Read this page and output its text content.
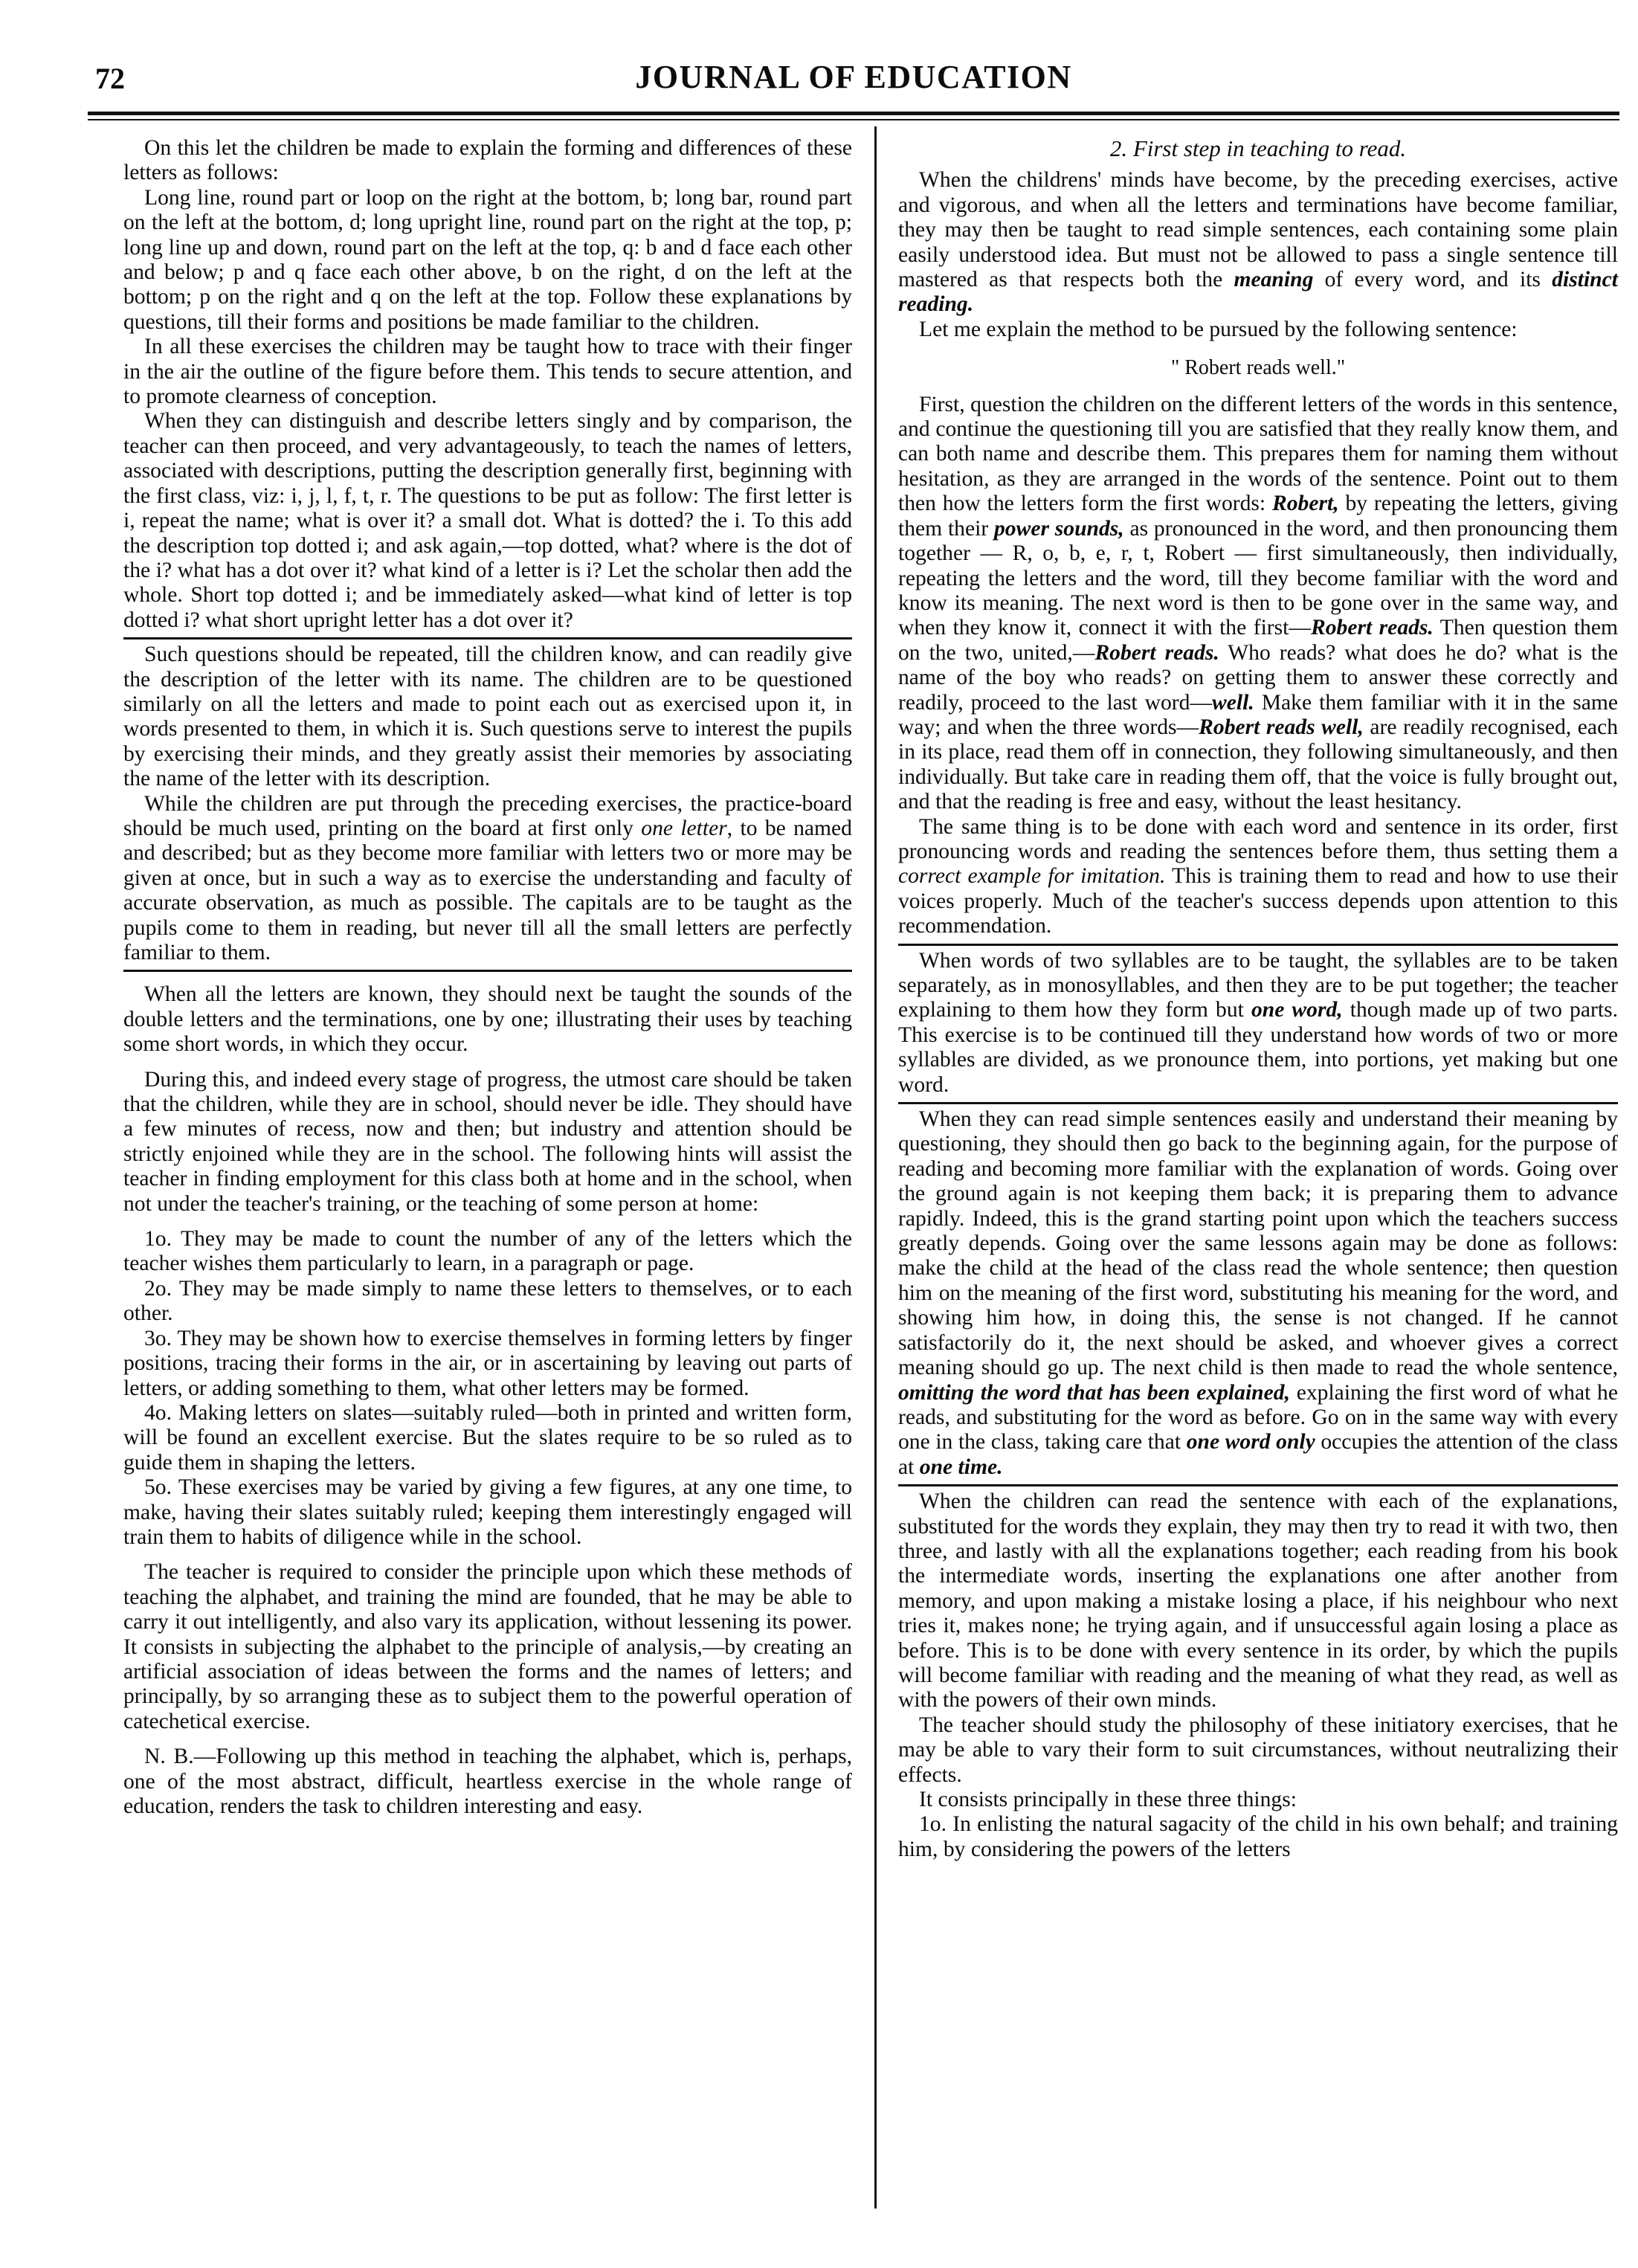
72	JOURNAL OF EDUCATION

On this let the children be made to explain the forming and differences of these letters as follows:

Long line, round part or loop on the right at the bottom, b; long bar, round part on the left at the bottom, d; long upright line, round part on the right at the top, p; long line up and down, round part on the left at the top, q: b and d face each other and below; p and q face each other above, b on the right, d on the left at the bottom; p on the right and q on the left at the top. Follow these explanations by questions, till their forms and positions be made familiar to the children.

In all these exercises the children may be taught how to trace with their finger in the air the outline of the figure before them. This tends to secure attention, and to promote clearness of conception.

When they can distinguish and describe letters singly and by comparison, the teacher can then proceed, and very advantageously, to teach the names of letters, associated with descriptions, putting the description generally first, beginning with the first class, viz: i, j, l, f, t, r. The questions to be put as follow: The first letter is i, repeat the name; what is over it? a small dot. What is dotted? the i. To this add the description top dotted i; and ask again,—top dotted, what? where is the dot of the i? what has a dot over it? what kind of a letter is i? Let the scholar then add the whole. Short top dotted i; and be immediately asked—what kind of letter is top dotted i? what short upright letter has a dot over it?

Such questions should be repeated, till the children know, and can readily give the description of the letter with its name. The children are to be questioned similarly on all the letters and made to point each out as exercised upon it, in words presented to them, in which it is. Such questions serve to interest the pupils by exercising their minds, and they greatly assist their memories by associating the name of the letter with its description.

While the children are put through the preceding exercises, the practice-board should be much used, printing on the board at first only one letter, to be named and described; but as they become more familiar with letters two or more may be given at once, but in such a way as to exercise the understanding and faculty of accurate observation, as much as possible. The capitals are to be taught as the pupils come to them in reading, but never till all the small letters are perfectly familiar to them.

When all the letters are known, they should next be taught the sounds of the double letters and the terminations, one by one; illustrating their uses by teaching some short words, in which they occur.

During this, and indeed every stage of progress, the utmost care should be taken that the children, while they are in school, should never be idle. They should have a few minutes of recess, now and then; but industry and attention should be strictly enjoined while they are in the school. The following hints will assist the teacher in finding employment for this class both at home and in the school, when not under the teacher's training, or the teaching of some person at home:

1o. They may be made to count the number of any of the letters which the teacher wishes them particularly to learn, in a paragraph or page.

2o. They may be made simply to name these letters to themselves, or to each other.

3o. They may be shown how to exercise themselves in forming letters by finger positions, tracing their forms in the air, or in ascertaining by leaving out parts of letters, or adding something to them, what other letters may be formed.

4o. Making letters on slates—suitably ruled—both in printed and written form, will be found an excellent exercise. But the slates require to be so ruled as to guide them in shaping the letters.

5o. These exercises may be varied by giving a few figures, at any one time, to make, having their slates suitably ruled; keeping them interestingly engaged will train them to habits of diligence while in the school.

The teacher is required to consider the principle upon which these methods of teaching the alphabet, and training the mind are founded, that he may be able to carry it out intelligently, and also vary its application, without lessening its power. It consists in subjecting the alphabet to the principle of analysis,—by creating an artificial association of ideas between the forms and the names of letters; and principally, by so arranging these as to subject them to the powerful operation of catechetical exercise.

N. B.—Following up this method in teaching the alphabet, which is, perhaps, one of the most abstract, difficult, heartless exercise in the whole range of education, renders the task to children interesting and easy.

2. First step in teaching to read.

When the childrens' minds have become, by the preceding exercises, active and vigorous, and when all the letters and terminations have become familiar, they may then be taught to read simple sentences, each containing some plain easily understood idea. But must not be allowed to pass a single sentence till mastered as that respects both the meaning of every word, and its distinct reading.

Let me explain the method to be pursued by the following sentence:

" Robert reads well."

First, question the children on the different letters of the words in this sentence, and continue the questioning till you are satisfied that they really know them, and can both name and describe them. This prepares them for naming them without hesitation, as they are arranged in the words of the sentence. Point out to them then how the letters form the first words: Robert, by repeating the letters, giving them their power sounds, as pronounced in the word, and then pronouncing them together — R, o, b, e, r, t, Robert — first simultaneously, then individually, repeating the letters and the word, till they become familiar with the word and know its meaning. The next word is then to be gone over in the same way, and when they know it, connect it with the first—Robert reads. Then question them on the two, united,—Robert reads. Who reads? what does he do? what is the name of the boy who reads? on getting them to answer these correctly and readily, proceed to the last word—well. Make them familiar with it in the same way; and when the three words—Robert reads well, are readily recognised, each in its place, read them off in connection, they following simultaneously, and then individually. But take care in reading them off, that the voice is fully brought out, and that the reading is free and easy, without the least hesitancy.

The same thing is to be done with each word and sentence in its order, first pronouncing words and reading the sentences before them, thus setting them a correct example for imitation. This is training them to read and how to use their voices properly. Much of the teacher's success depends upon attention to this recommendation.

When words of two syllables are to be taught, the syllables are to be taken separately, as in monosyllables, and then they are to be put together; the teacher explaining to them how they form but one word, though made up of two parts. This exercise is to be continued till they understand how words of two or more syllables are divided, as we pronounce them, into portions, yet making but one word.

When they can read simple sentences easily and understand their meaning by questioning, they should then go back to the beginning again, for the purpose of reading and becoming more familiar with the explanation of words. Going over the ground again is not keeping them back; it is preparing them to advance rapidly. Indeed, this is the grand starting point upon which the teachers success greatly depends. Going over the same lessons again may be done as follows: make the child at the head of the class read the whole sentence; then question him on the meaning of the first word, substituting his meaning for the word, and showing him how, in doing this, the sense is not changed. If he cannot satisfactorily do it, the next should be asked, and whoever gives a correct meaning should go up. The next child is then made to read the whole sentence, omitting the word that has been explained, explaining the first word of what he reads, and substituting for the word as before. Go on in the same way with every one in the class, taking care that one word only occupies the attention of the class at one time.

When the children can read the sentence with each of the explanations, substituted for the words they explain, they may then try to read it with two, then three, and lastly with all the explanations together; each reading from his book the intermediate words, inserting the explanations one after another from memory, and upon making a mistake losing a place, if his neighbour who next tries it, makes none; he trying again, and if unsuccessful again losing a place as before. This is to be done with every sentence in its order, by which the pupils will become familiar with reading and the meaning of what they read, as well as with the powers of their own minds.

The teacher should study the philosophy of these initiatory exercises, that he may be able to vary their form to suit circumstances, without neutralizing their effects.

It consists principally in these three things:

1o. In enlisting the natural sagacity of the child in his own behalf; and training him, by considering the powers of the letters
